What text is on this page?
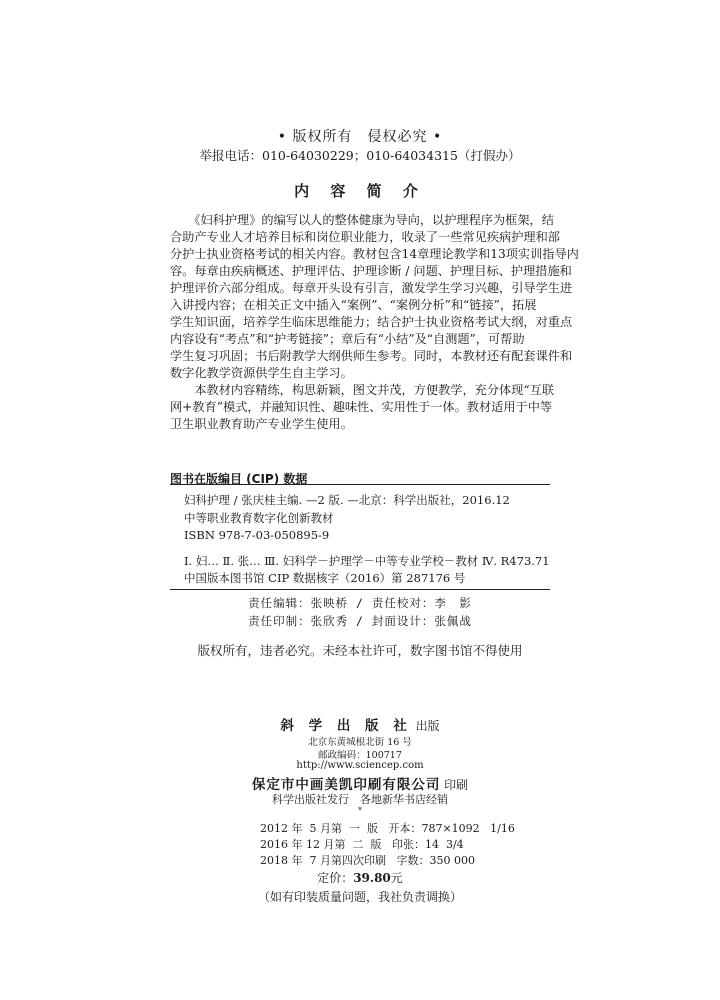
• 版权所有　侵权必究 •
举报电话：010-64030229；010-64034315（打假办）
内 容 简 介
　　《妇科护理》的编写以人的整体健康为导向，以护理程序为框架，结
合助产专业人才培养目标和岗位职业能力，收录了一些常见疾病护理和部
分护士执业资格考试的相关内容。教材包含14章理论教学和13项实训指导内
容。每章由疾病概述、护理评估、护理诊断 / 问题、护理目标、护理措施和
护理评价六部分组成。每章开头设有引言，激发学生学习兴趣，引导学生进
入讲授内容；在相关正文中插入“案例”、“案例分析”和“链接”，拓展
学生知识面，培养学生临床思维能力；结合护士执业资格考试大纲，对重点
内容设有“考点”和“护考链接”；章后有“小结”及“自测题”，可帮助
学生复习巩固；书后附教学大纲供师生参考。同时，本教材还有配套课件和
数字化教学资源供学生自主学习。
　　本教材内容精练，构思新颖，图文并茂，方便教学，充分体现“互联
网+教育”模式，并融知识性、趣味性、实用性于一体。教材适用于中等
卫生职业教育助产专业学生使用。
图书在版编目 (CIP) 数据
妇科护理 / 张庆桂主编. —2 版. —北京：科学出版社，2016.12
中等职业教育数字化创新教材
ISBN 978-7-03-050895-9
Ⅰ. 妇… Ⅱ. 张… Ⅲ. 妇科学－护理学－中等专业学校－教材 Ⅳ. R473.71
中国版本图书馆 CIP 数据核字（2016）第 287176 号
责任编辑：张映桥 / 责任校对：李　影
责任印制：张欣秀 / 封面设计：张佩战
版权所有，违者必究。未经本社许可，数字图书馆不得使用
斜 学 出 版 社 出版
北京东黄城根北街 16 号
邮政编码：100717
http://www.sciencep.com
保定市中画美凯印刷有限公司 印刷
科学出版社发行　各地新华书店经销
*
2012 年  5 月第  一  版   开本：787×1092   1/16
2016 年 12 月第  二  版   印张：14  3/4
2018 年  7 月第四次印刷   字数：350 000
定价：39.80元
（如有印装质量问题，我社负责调换）
